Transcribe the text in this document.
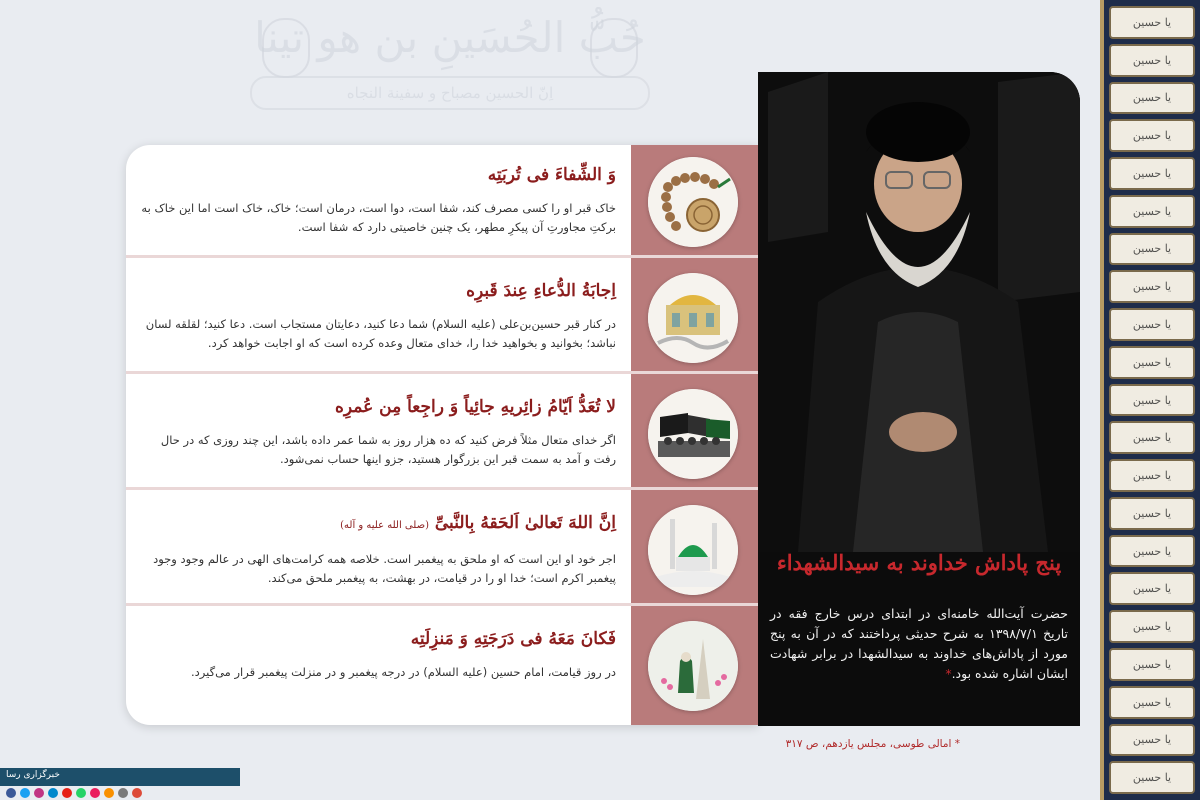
حُبُّ الحُسَینِ بن هو تینا
اِنّ الحسین مصباح و سفینة النجاه
یا حسین
یا حسین
یا حسین
یا حسین
یا حسین
یا حسین
یا حسین
یا حسین
یا حسین
یا حسین
یا حسین
یا حسین
یا حسین
یا حسین
یا حسین
یا حسین
یا حسین
یا حسین
یا حسین
یا حسین
یا حسین
وَ الشِّفاءَ فی تُربَتِه
خاک قبر او را کسی مصرف کند، شفا است، دوا است، درمان است؛ خاک، خاک است اما این خاک به برکتِ مجاورتِ آن پیکرِ مطهر، یک چنین خاصیتی دارد که شفا است.
اِجابَةُ الدُّعاءِ عِندَ قَبرِه
در کنار قبر حسین‌بن‌علی (علیه السلام) شما دعا کنید، دعایتان مستجاب است. دعا کنید؛ لقلقه لسان نباشد؛ بخوانید و بخواهید خدا را، خدای متعال وعده کرده است که او اجابت خواهد کرد.
لا تُعَدُّ اَیّامُ زائِریهِ جائِیاً وَ راجِعاً مِن عُمرِه
اگر خدای متعال مثلاً فرض کنید که ده هزار روز به شما عمر داده باشد، این چند روزی که در حال رفت و آمد به سمت قبر این بزرگوار هستید، جزو اینها حساب نمی‌شود.
اِنَّ اللهَ تَعالیٰ اَلحَقهُ بِالنَّبیِّ (صلی الله علیه و آله)
اجر خود او این است که او ملحق به پیغمبر است. خلاصه همه کرامت‌های الهی در عالم وجود وجود پیغمبر اکرم است؛ خدا او را در قیامت، در بهشت، به پیغمبر ملحق می‌کند.
فَکانَ مَعَهُ فی دَرَجَتِهِ وَ مَنزِلَتِه
در روز قیامت، امام حسین (علیه السلام) در درجه پیغمبر و در منزلت پیغمبر قرار می‌گیرد.
پنج پاداش خداوند به سیدالشهداء
حضرت آیت‌الله خامنه‌ای در ابتدای درس خارج فقه در تاریخ ۱۳۹۸/۷/۱ به شرح حدیثی پرداختند که در آن به پنج مورد از پاداش‌های خداوند به سیدالشهدا در برابر شهادت ایشان اشاره شده بود.*
* امالی طوسی، مجلس یازدهم، ص ۳۱۷
خبرگزاری رسا
